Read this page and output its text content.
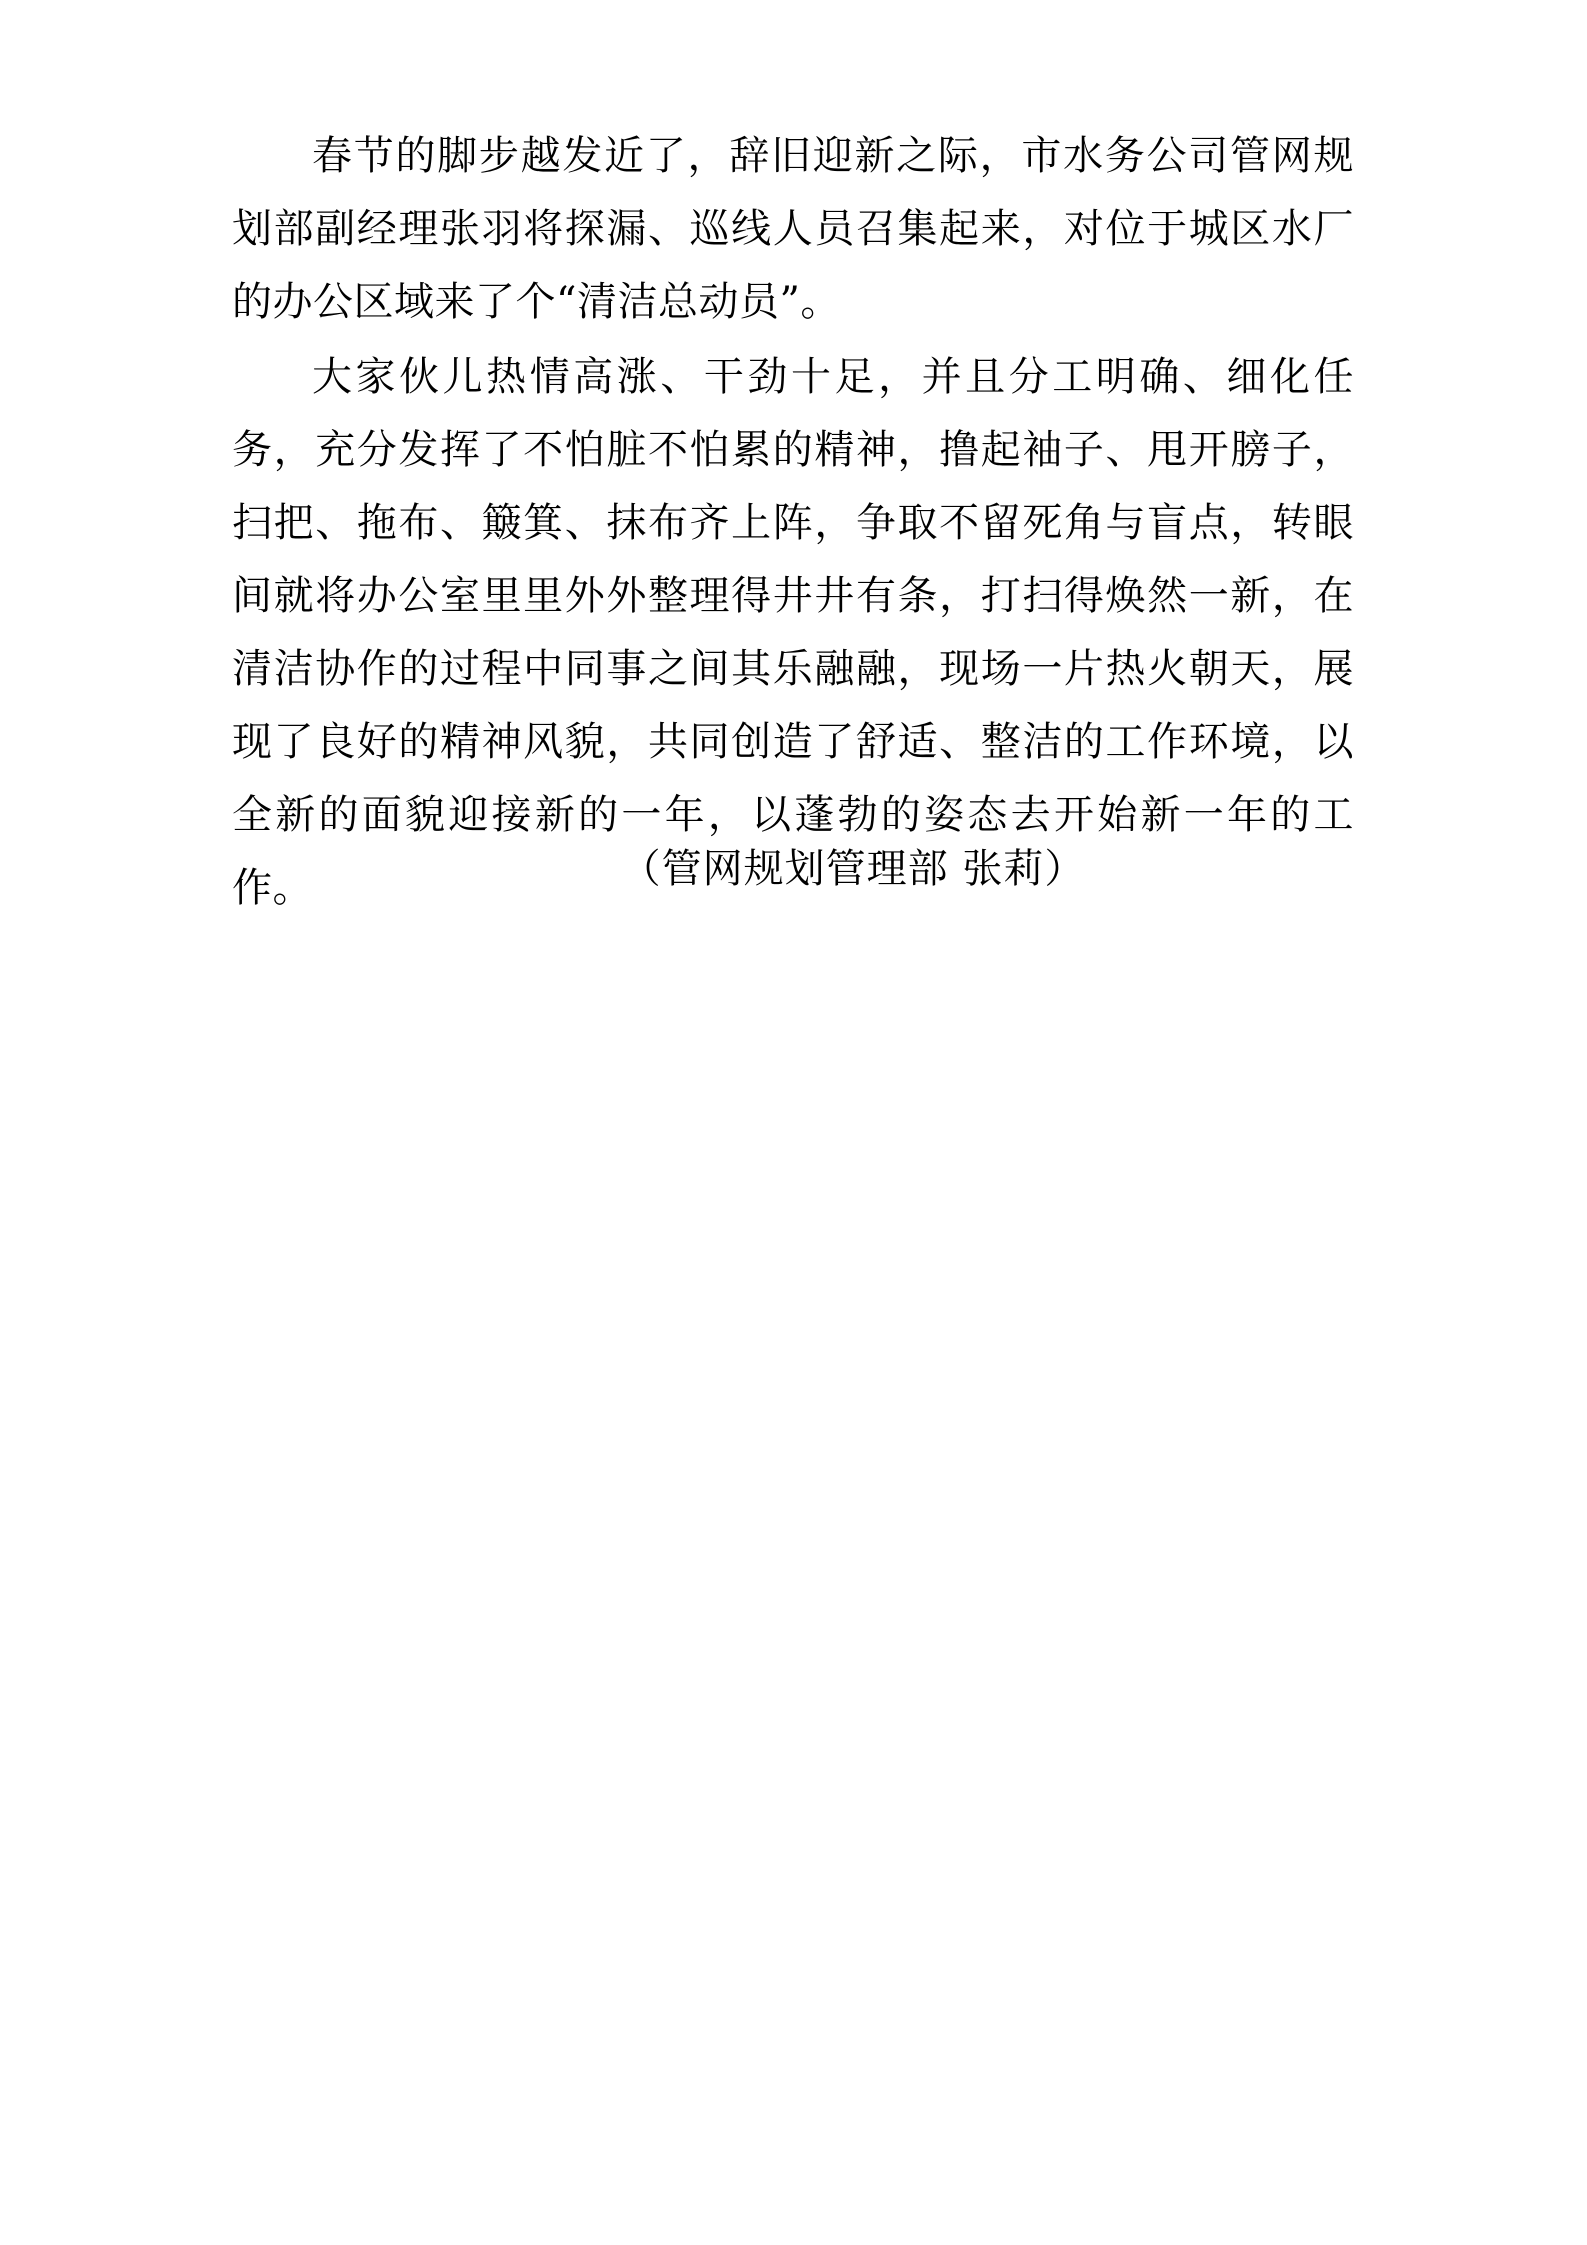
春节的脚步越发近了，辞旧迎新之际，市水务公司管网规划部副经理张羽将探漏、巡线人员召集起来，对位于城区水厂的办公区域来了个“清洁总动员”。

大家伙儿热情高涨、干劲十足，并且分工明确、细化任务，充分发挥了不怕脏不怕累的精神，撸起袖子、甩开膀子，扫把、拖布、簸箕、抹布齐上阵，争取不留死角与盲点，转眼间就将办公室里里外外整理得井井有条，打扫得焕然一新，在清洁协作的过程中同事之间其乐融融，现场一片热火朝天，展现了良好的精神风貌，共同创造了舒适、整洁的工作环境，以全新的面貌迎接新的一年，以蓬勃的姿态去开始新一年的工作。	（管网规划管理部 张莉）
